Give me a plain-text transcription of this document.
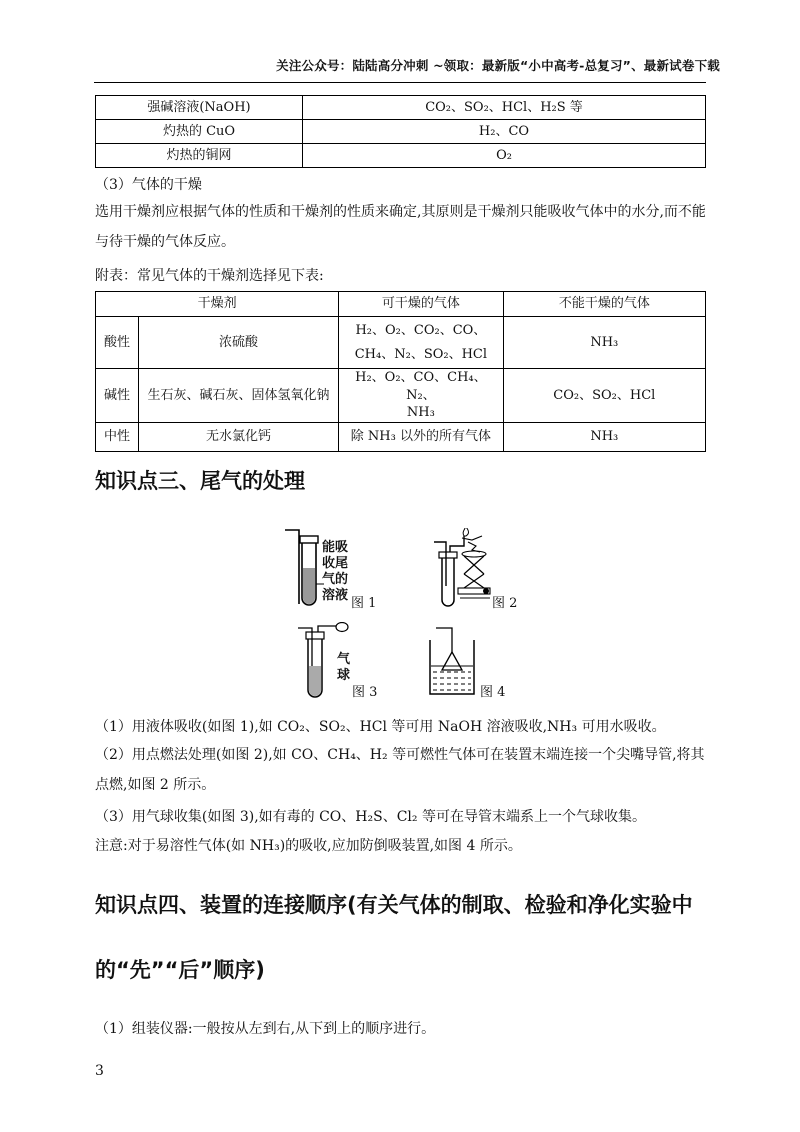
关注公众号：陆陆高分冲刺 ~领取：最新版“小中高考-总复习”、最新试卷下载
强碱溶液(NaOH)	CO₂、SO₂、HCl、H₂S 等
灼热的 CuO	H₂、CO
灼热的铜网	O₂
（3）气体的干燥
选用干燥剂应根据气体的性质和干燥剂的性质来确定,其原则是干燥剂只能吸收气体中的水分,而不能与待干燥的气体反应。
附表：常见气体的干燥剂选择见下表:
干燥剂		可干燥的气体	不能干燥的气体
酸性	浓硫酸	H₂、O₂、CO₂、CO、
CH₄、N₂、SO₂、HCl	NH₃
碱性	生石灰、碱石灰、固体氢氧化钠	H₂、O₂、CO、CH₄、N₂、
NH₃	CO₂、SO₂、HCl
中性	无水氯化钙	除 NH₃ 以外的所有气体	NH₃
知识点三、尾气的处理
能吸
收尾
气的
溶液
图 1	图 2
气
球
图 3	图 4
（1）用液体吸收(如图 1),如 CO₂、SO₂、HCl 等可用 NaOH 溶液吸收,NH₃ 可用水吸收。
（2）用点燃法处理(如图 2),如 CO、CH₄、H₂ 等可燃性气体可在装置末端连接一个尖嘴导管,将其点燃,如图 2 所示。
（3）用气球收集(如图 3),如有毒的 CO、H₂S、Cl₂ 等可在导管末端系上一个气球收集。
注意:对于易溶性气体(如 NH₃)的吸收,应加防倒吸装置,如图 4 所示。
知识点四、装置的连接顺序(有关气体的制取、检验和净化实验中
的“先”“后”顺序)
（1）组装仪器:一般按从左到右,从下到上的顺序进行。
3
